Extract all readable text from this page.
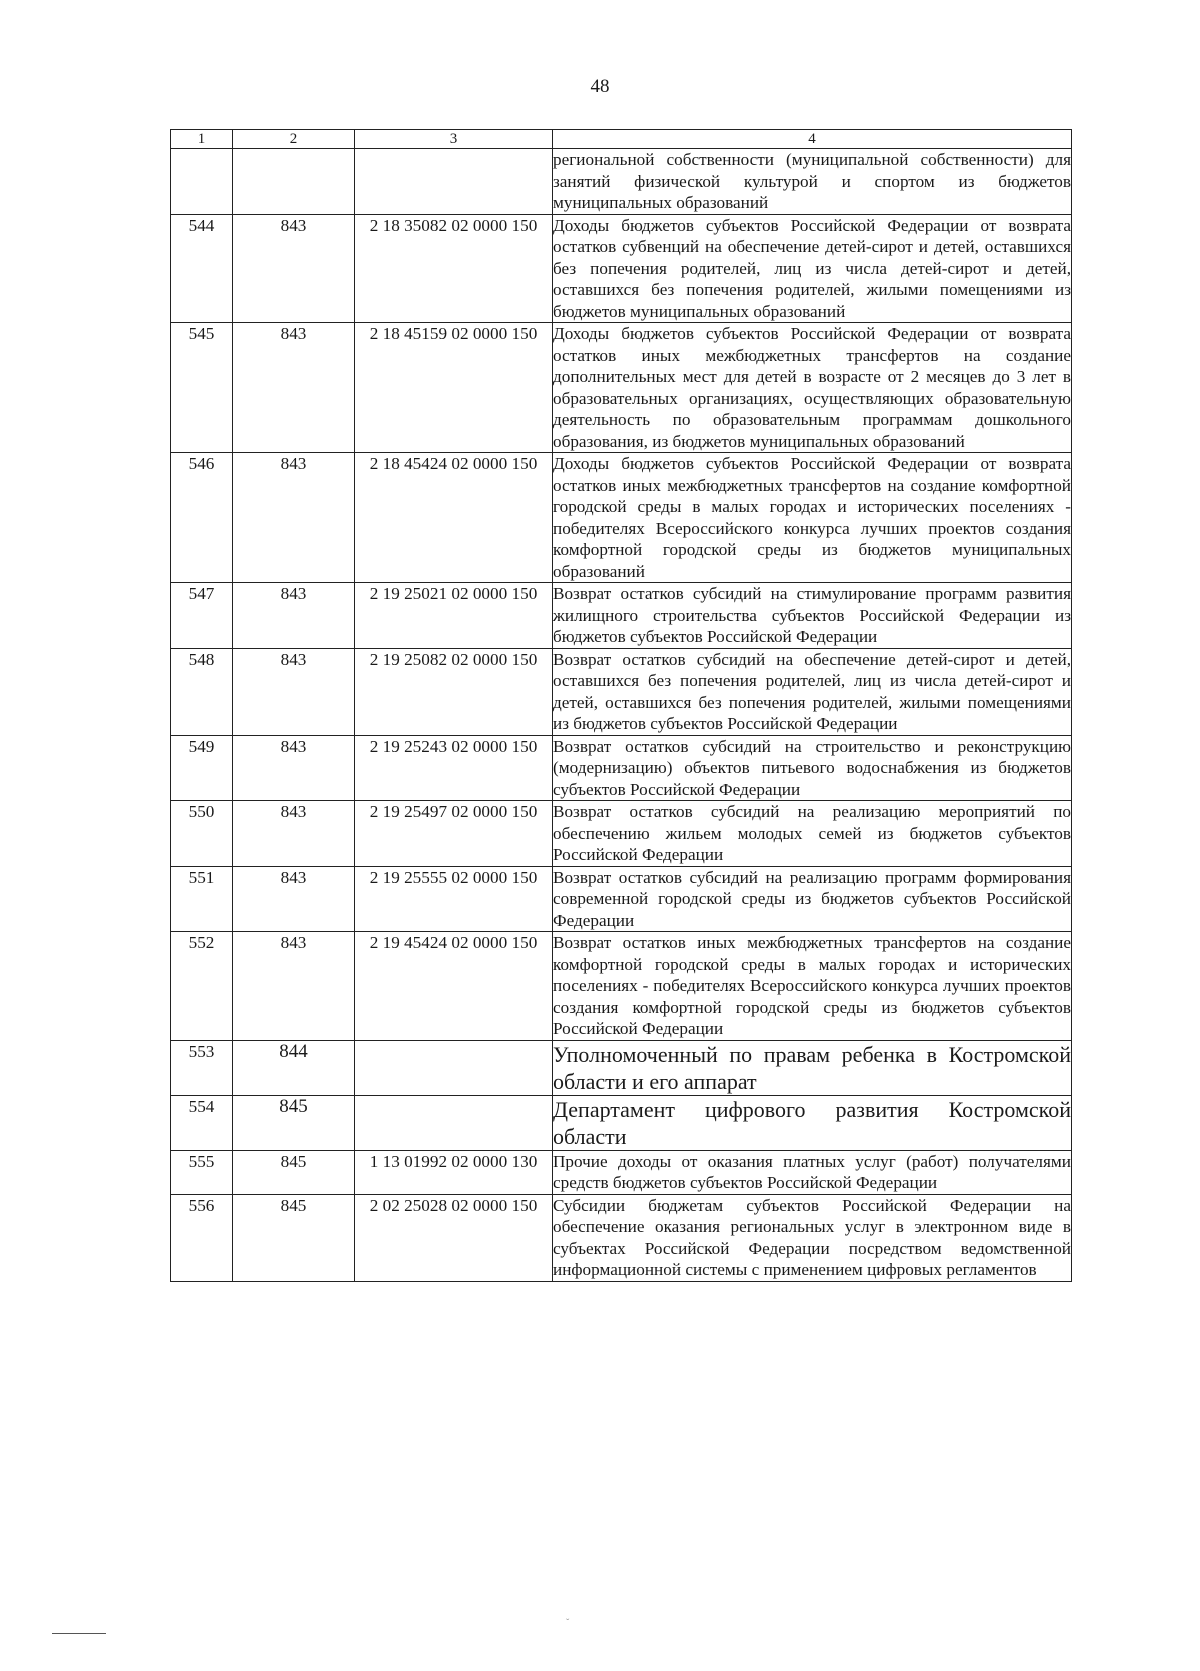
48
1	2	3	4
			региональной собственности (муниципальной собственности) для занятий физической культурой и спортом из бюджетов муниципальных образований
544	843	2 18 35082 02 0000 150	Доходы бюджетов субъектов Российской Федерации от возврата остатков субвенций на обеспечение детей-сирот и детей, оставшихся без попечения родителей, лиц из числа детей-сирот и детей, оставшихся без попечения родителей, жилыми помещениями из бюджетов муниципальных образований
545	843	2 18 45159 02 0000 150	Доходы бюджетов субъектов Российской Федерации от возврата остатков иных межбюджетных трансфертов на создание дополнительных мест для детей в возрасте от 2 месяцев до 3 лет в образовательных организациях, осуществляющих образовательную деятельность по образовательным программам дошкольного образования, из бюджетов муниципальных образований
546	843	2 18 45424 02 0000 150	Доходы бюджетов субъектов Российской Федерации от возврата остатков иных межбюджетных трансфертов на создание комфортной городской среды в малых городах и исторических поселениях - победителях Всероссийского конкурса лучших проектов создания комфортной городской среды из бюджетов муниципальных образований
547	843	2 19 25021 02 0000 150	Возврат остатков субсидий на стимулирование программ развития жилищного строительства субъектов Российской Федерации из бюджетов субъектов Российской Федерации
548	843	2 19 25082 02 0000 150	Возврат остатков субсидий на обеспечение детей-сирот и детей, оставшихся без попечения родителей, лиц из числа детей-сирот и детей, оставшихся без попечения родителей, жилыми помещениями из бюджетов субъектов Российской Федерации
549	843	2 19 25243 02 0000 150	Возврат остатков субсидий на строительство и реконструкцию (модернизацию) объектов питьевого водоснабжения из бюджетов субъектов Российской Федерации
550	843	2 19 25497 02 0000 150	Возврат остатков субсидий на реализацию мероприятий по обеспечению жильем молодых семей из бюджетов субъектов Российской Федерации
551	843	2 19 25555 02 0000 150	Возврат остатков субсидий на реализацию программ формирования современной городской среды из бюджетов субъектов Российской Федерации
552	843	2 19 45424 02 0000 150	Возврат остатков иных межбюджетных трансфертов на создание комфортной городской среды в малых городах и исторических поселениях - победителях Всероссийского конкурса лучших проектов создания комфортной городской среды из бюджетов субъектов Российской Федерации
553	844		Уполномоченный по правам ребенка в Костромской области и его аппарат
554	845		Департамент цифрового развития Костромской области
555	845	1 13 01992 02 0000 130	Прочие доходы от оказания платных услуг (работ) получателями средств бюджетов субъектов Российской Федерации
556	845	2 02 25028 02 0000 150	Субсидии бюджетам субъектов Российской Федерации на обеспечение оказания региональных услуг в электронном виде в субъектах Российской Федерации посредством ведомственной информационной системы с применением цифровых регламентов
ˇ
